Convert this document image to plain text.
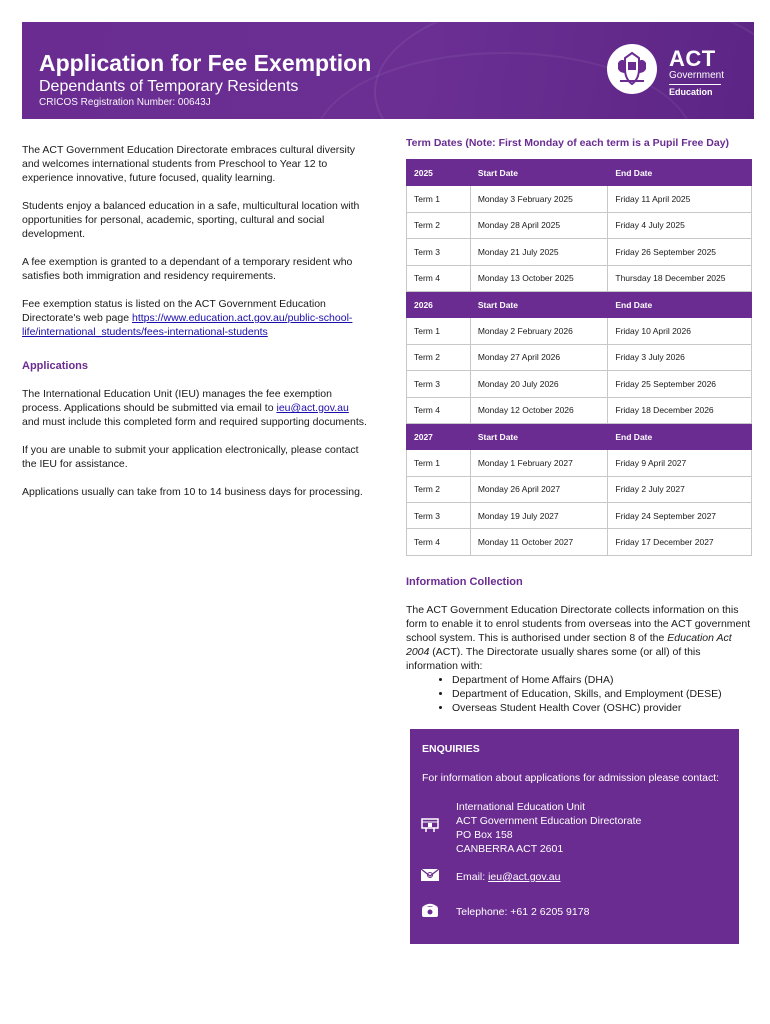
Application for Fee Exemption
Dependants of Temporary Residents
CRICOS Registration Number: 00643J
ACT
Government
Education

The ACT Government Education Directorate embraces cultural diversity and welcomes international students from Preschool to Year 12 to experience innovative, future focused, quality learning.

Students enjoy a balanced education in a safe, multicultural location with opportunities for personal, academic, sporting, cultural and social development.

A fee exemption is granted to a dependant of a temporary resident who satisfies both immigration and residency requirements.

Fee exemption status is listed on the ACT Government Education Directorate's web page https://www.education.act.gov.au/public-school-life/international_students/fees-international-students

Applications

The International Education Unit (IEU) manages the fee exemption process. Applications should be submitted via email to ieu@act.gov.au and must include this completed form and required supporting documents.

If you are unable to submit your application electronically, please contact the IEU for assistance.

Applications usually can take from 10 to 14 business days for processing.

Term Dates (Note: First Monday of each term is a Pupil Free Day)
2025	Start Date	End Date
Term 1	Monday 3 February 2025	Friday 11 April 2025
Term 2	Monday 28 April 2025	Friday 4 July 2025
Term 3	Monday 21 July 2025	Friday 26 September 2025
Term 4	Monday 13 October 2025	Thursday 18 December 2025
2026	Start Date	End Date
Term 1	Monday 2 February 2026	Friday 10 April 2026
Term 2	Monday 27 April 2026	Friday 3 July 2026
Term 3	Monday 20 July 2026	Friday 25 September 2026
Term 4	Monday 12 October 2026	Friday 18 December 2026
2027	Start Date	End Date
Term 1	Monday 1 February 2027	Friday 9 April 2027
Term 2	Monday 26 April 2027	Friday 2 July 2027
Term 3	Monday 19 July 2027	Friday 24 September 2027
Term 4	Monday 11 October 2027	Friday 17 December 2027
Information Collection

The ACT Government Education Directorate collects information on this form to enable it to enrol students from overseas into the ACT government school system. This is authorised under section 8 of the Education Act 2004 (ACT). The Directorate usually shares some (or all) of this information with:

• Department of Home Affairs (DHA)
• Department of Education, Skills, and Employment (DESE)
• Overseas Student Health Cover (OSHC) provider
ENQUIRIES
For information about applications for admission please contact:
International Education Unit
ACT Government Education Directorate
PO Box 158
CANBERRA ACT 2601
Email: ieu@act.gov.au
Telephone: +61 2 6205 9178
